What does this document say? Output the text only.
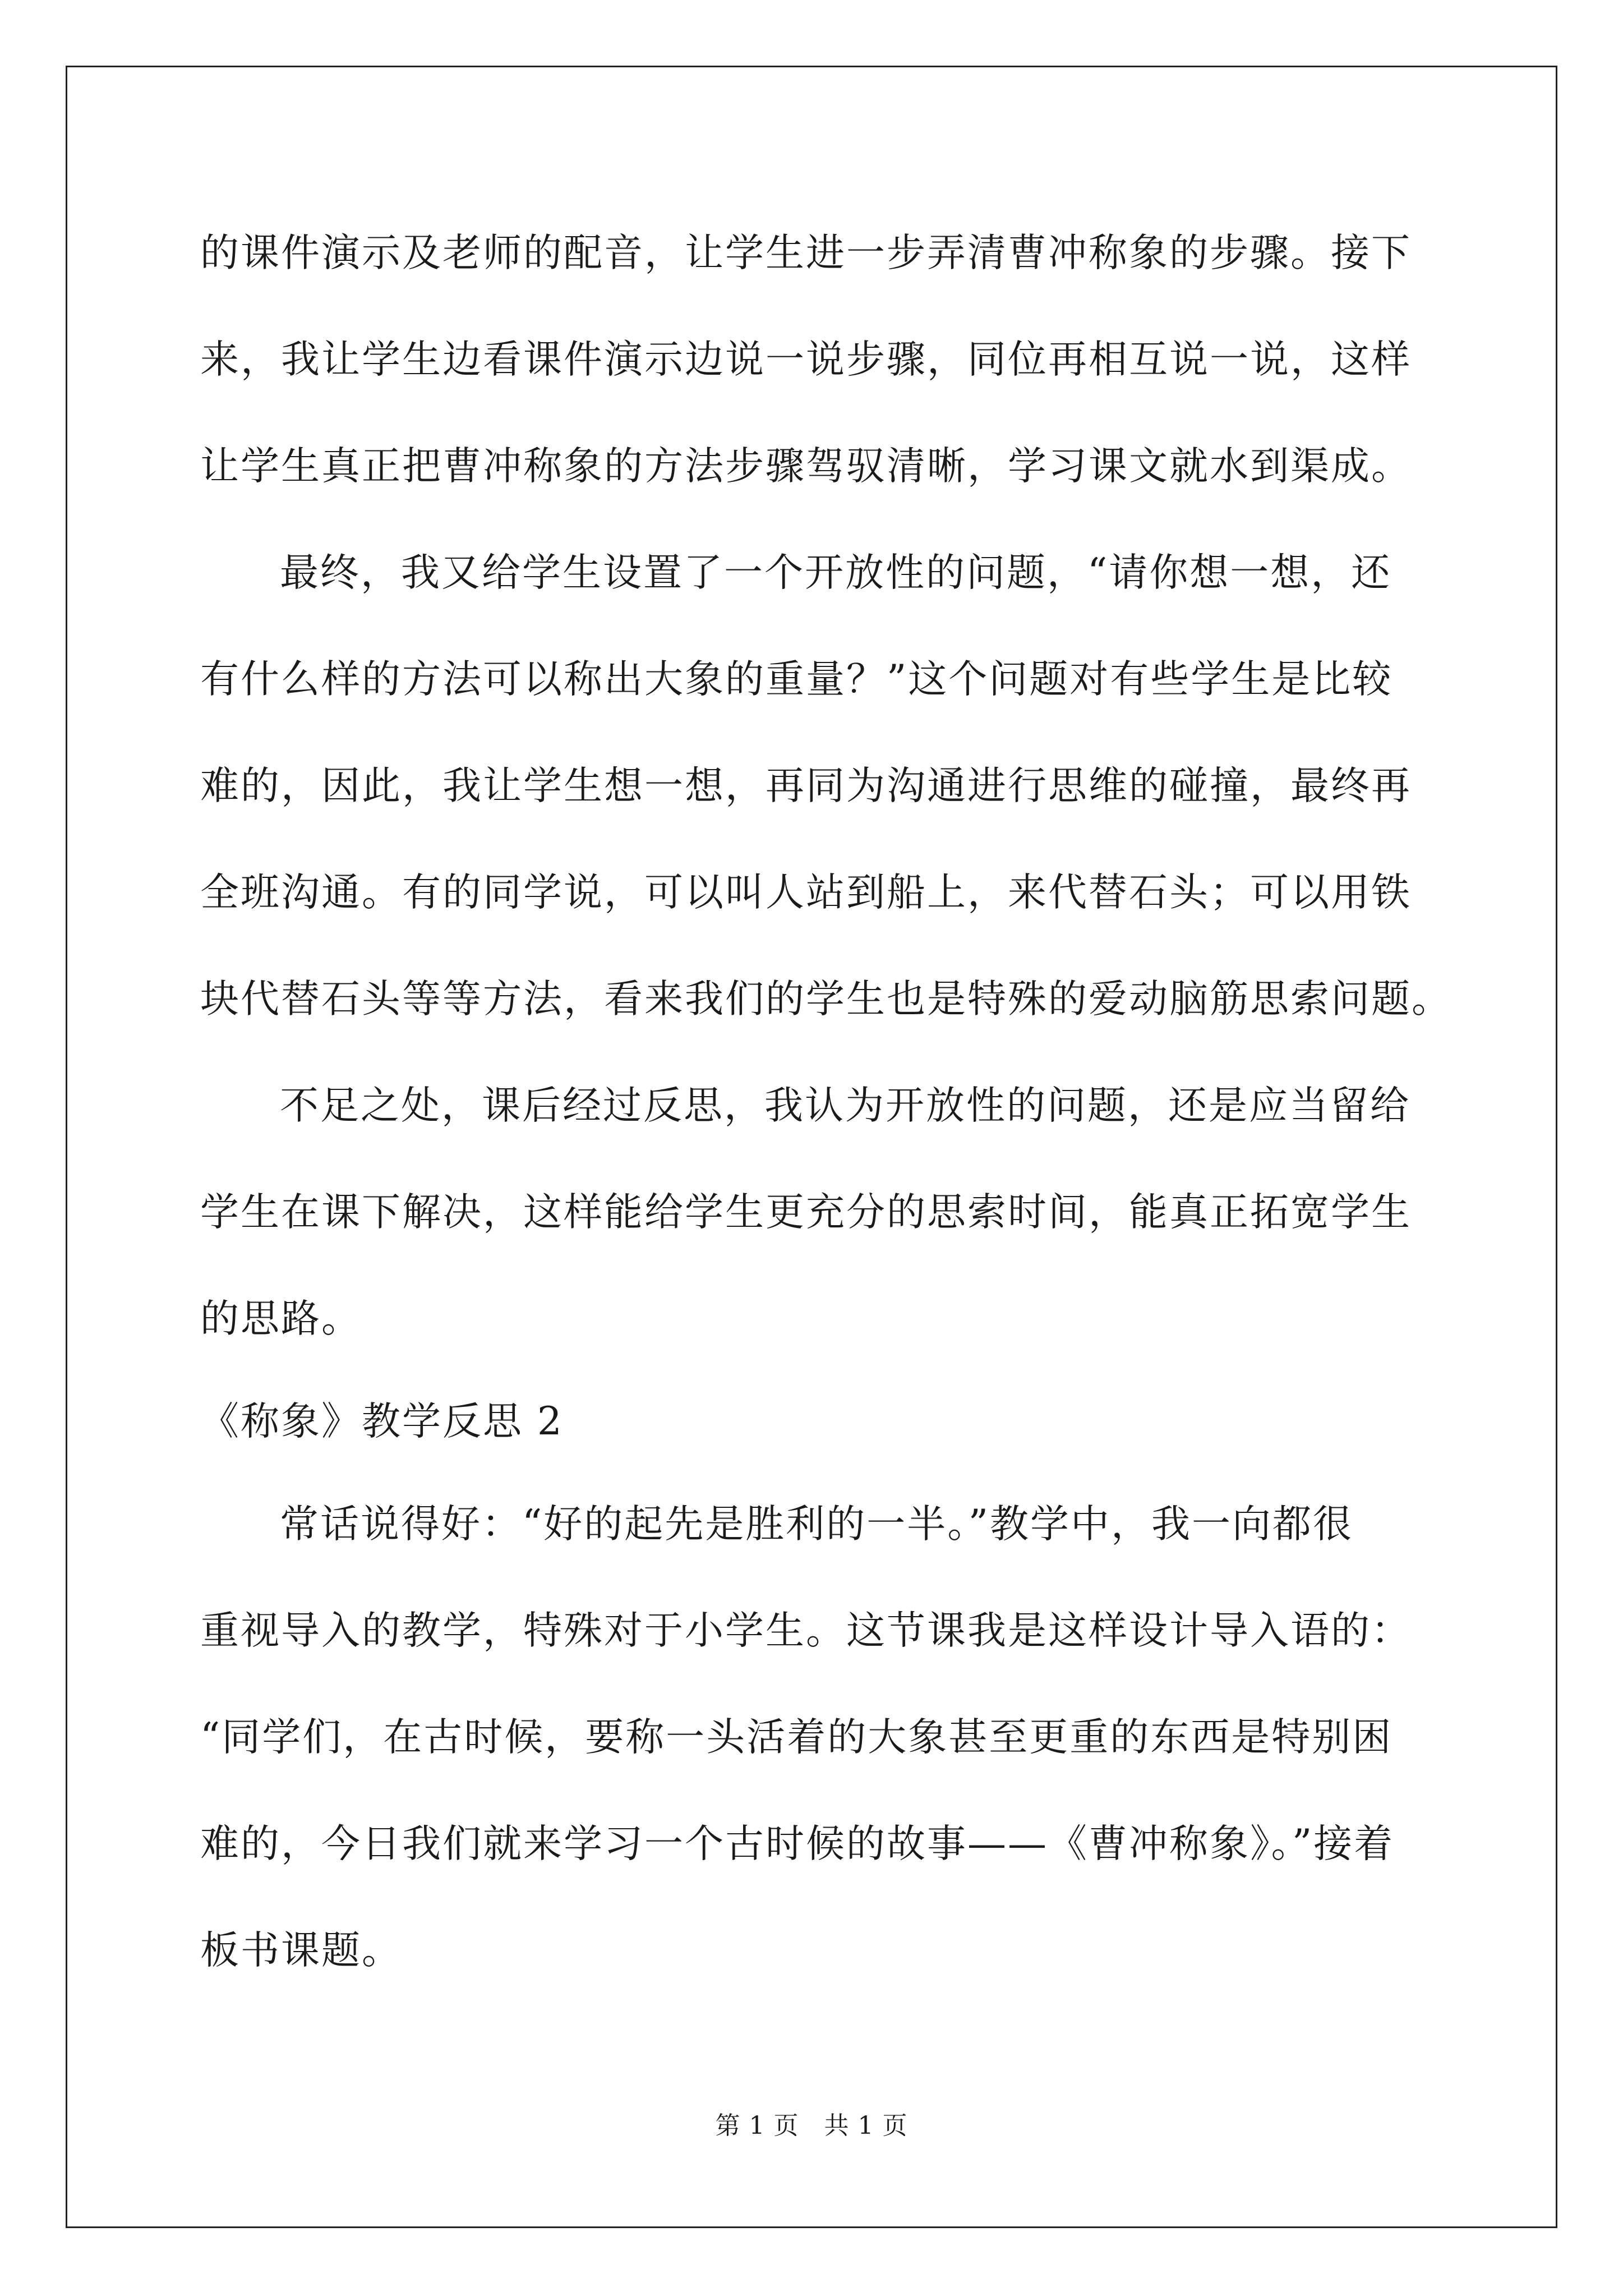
的课件演示及老师的配音，让学生进一步弄清曹冲称象的步骤。接下
来，我让学生边看课件演示边说一说步骤，同位再相互说一说，这样
让学生真正把曹冲称象的方法步骤驾驭清晰，学习课文就水到渠成。
最终，我又给学生设置了一个开放性的问题，“请你想一想，还
有什么样的方法可以称出大象的重量？”这个问题对有些学生是比较
难的，因此，我让学生想一想，再同为沟通进行思维的碰撞，最终再
全班沟通。有的同学说，可以叫人站到船上，来代替石头；可以用铁
块代替石头等等方法，看来我们的学生也是特殊的爱动脑筋思索问题。
不足之处，课后经过反思，我认为开放性的问题，还是应当留给
学生在课下解决，这样能给学生更充分的思索时间，能真正拓宽学生
的思路。
《称象》教学反思 2
常话说得好：“好的起先是胜利的一半。”教学中，我一向都很
重视导入的教学，特殊对于小学生。这节课我是这样设计导入语的：
“同学们，在古时候，要称一头活着的大象甚至更重的东西是特别困
难的，今日我们就来学习一个古时候的故事——《曹冲称象》。”接着
板书课题。
第 1 页　共 1 页
